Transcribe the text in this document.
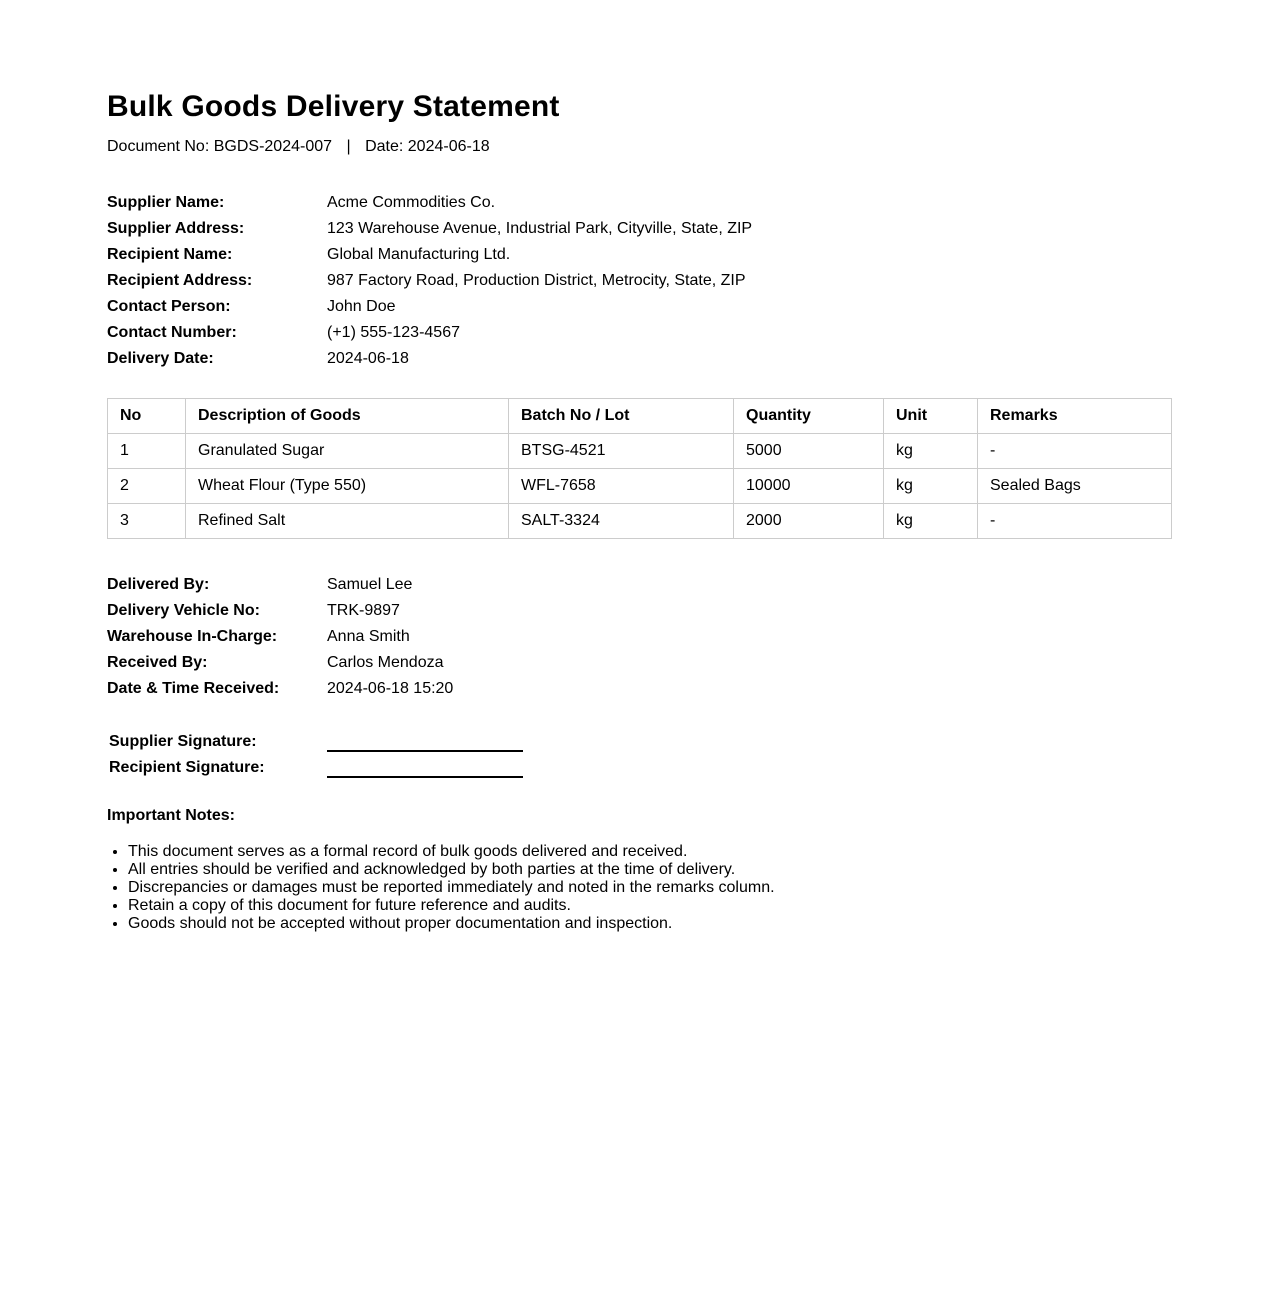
Bulk Goods Delivery Statement
Document No: BGDS-2024-007 | Date: 2024-06-18
Supplier Name:	Acme Commodities Co.
Supplier Address:	123 Warehouse Avenue, Industrial Park, Cityville, State, ZIP
Recipient Name:	Global Manufacturing Ltd.
Recipient Address:	987 Factory Road, Production District, Metrocity, State, ZIP
Contact Person:	John Doe
Contact Number:	(+1) 555-123-4567
Delivery Date:	2024-06-18
No	Description of Goods	Batch No / Lot	Quantity	Unit	Remarks
1	Granulated Sugar	BTSG-4521	5000	kg	-
2	Wheat Flour (Type 550)	WFL-7658	10000	kg	Sealed Bags
3	Refined Salt	SALT-3324	2000	kg	-
Delivered By:	Samuel Lee
Delivery Vehicle No:	TRK-9897
Warehouse In-Charge:	Anna Smith
Received By:	Carlos Mendoza
Date & Time Received:	2024-06-18 15:20
Supplier Signature:
Recipient Signature:
Important Notes:
• This document serves as a formal record of bulk goods delivered and received.
• All entries should be verified and acknowledged by both parties at the time of delivery.
• Discrepancies or damages must be reported immediately and noted in the remarks column.
• Retain a copy of this document for future reference and audits.
• Goods should not be accepted without proper documentation and inspection.
